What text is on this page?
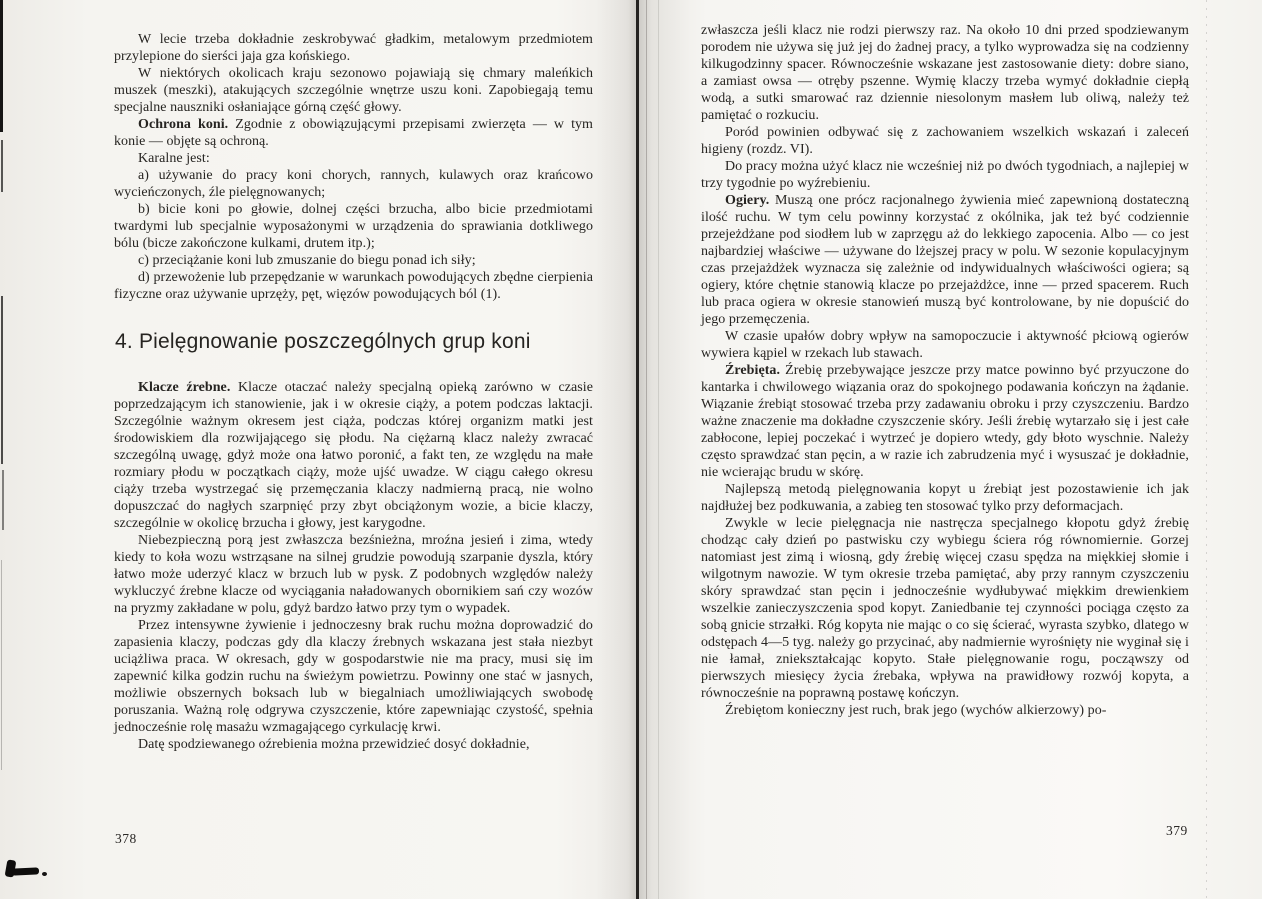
W lecie trzeba dokładnie zeskrobywać gładkim, metalowym przedmiotem przylepione do sierści jaja gza końskiego.

W niektórych okolicach kraju sezonowo pojawiają się chmary maleńkich muszek (meszki), atakujących szczególnie wnętrze uszu koni. Zapobiegają temu specjalne nauszniki osłaniające górną część głowy.

Ochrona koni. Zgodnie z obowiązującymi przepisami zwierzęta — w tym konie — objęte są ochroną.

Karalne jest:

a) używanie do pracy koni chorych, rannych, kulawych oraz krańcowo wycieńczonych, źle pielęgnowanych;

b) bicie koni po głowie, dolnej części brzucha, albo bicie przedmiotami twardymi lub specjalnie wyposażonymi w urządzenia do sprawiania dotkliwego bólu (bicze zakończone kulkami, drutem itp.);

c) przeciążanie koni lub zmuszanie do biegu ponad ich siły;

d) przewożenie lub przepędzanie w warunkach powodujących zbędne cierpienia fizyczne oraz używanie uprzęży, pęt, więzów powodujących ból (1).

4. Pielęgnowanie poszczególnych grup koni

Klacze źrebne. Klacze otaczać należy specjalną opieką zarówno w czasie poprzedzającym ich stanowienie, jak i w okresie ciąży, a potem podczas laktacji. Szczególnie ważnym okresem jest ciąża, podczas której organizm matki jest środowiskiem dla rozwijającego się płodu. Na ciężarną klacz należy zwracać szczególną uwagę, gdyż może ona łatwo poronić, a fakt ten, ze względu na małe rozmiary płodu w początkach ciąży, może ujść uwadze. W ciągu całego okresu ciąży trzeba wystrzegać się przemęczania klaczy nadmierną pracą, nie wolno dopuszczać do nagłych szarpnięć przy zbyt obciążonym wozie, a bicie klaczy, szczególnie w okolicę brzucha i głowy, jest karygodne.

Niebezpieczną porą jest zwłaszcza bezśnieżna, mroźna jesień i zima, wtedy kiedy to koła wozu wstrząsane na silnej grudzie powodują szarpanie dyszla, który łatwo może uderzyć klacz w brzuch lub w pysk. Z podobnych względów należy wykluczyć źrebne klacze od wyciągania naładowanych obornikiem sań czy wozów na pryzmy zakładane w polu, gdyż bardzo łatwo przy tym o wypadek.

Przez intensywne żywienie i jednoczesny brak ruchu można doprowadzić do zapasienia klaczy, podczas gdy dla klaczy źrebnych wskazana jest stała niezbyt uciążliwa praca. W okresach, gdy w gospodarstwie nie ma pracy, musi się im zapewnić kilka godzin ruchu na świeżym powietrzu. Powinny one stać w jasnych, możliwie obszernych boksach lub w biegalniach umożliwiających swobodę poruszania. Ważną rolę odgrywa czyszczenie, które zapewniając czystość, spełnia jednocześnie rolę masażu wzmagającego cyrkulację krwi.

Datę spodziewanego oźrebienia można przewidzieć dosyć dokładnie,

378

zwłaszcza jeśli klacz nie rodzi pierwszy raz. Na około 10 dni przed spodziewanym porodem nie używa się już jej do żadnej pracy, a tylko wyprowadza się na codzienny kilkugodzinny spacer. Równocześnie wskazane jest zastosowanie diety: dobre siano, a zamiast owsa — otręby pszenne. Wymię klaczy trzeba wymyć dokładnie ciepłą wodą, a sutki smarować raz dziennie niesolonym masłem lub oliwą, należy też pamiętać o rozkuciu.

Poród powinien odbywać się z zachowaniem wszelkich wskazań i zaleceń higieny (rozdz. VI).

Do pracy można użyć klacz nie wcześniej niż po dwóch tygodniach, a najlepiej w trzy tygodnie po wyźrebieniu.

Ogiery. Muszą one prócz racjonalnego żywienia mieć zapewnioną dostateczną ilość ruchu. W tym celu powinny korzystać z okólnika, jak też być codziennie przejeżdżane pod siodłem lub w zaprzęgu aż do lekkiego zapocenia. Albo — co jest najbardziej właściwe — używane do lżejszej pracy w polu. W sezonie kopulacyjnym czas przejażdżek wyznacza się zależnie od indywidualnych właściwości ogiera; są ogiery, które chętnie stanowią klacze po przejażdżce, inne — przed spacerem. Ruch lub praca ogiera w okresie stanowień muszą być kontrolowane, by nie dopuścić do jego przemęczenia.

W czasie upałów dobry wpływ na samopoczucie i aktywność płciową ogierów wywiera kąpiel w rzekach lub stawach.

Źrebięta. Źrebię przebywające jeszcze przy matce powinno być przyuczone do kantarka i chwilowego wiązania oraz do spokojnego podawania kończyn na żądanie. Wiązanie źrebiąt stosować trzeba przy zadawaniu obroku i przy czyszczeniu. Bardzo ważne znaczenie ma dokładne czyszczenie skóry. Jeśli źrebię wytarzało się i jest całe zabłocone, lepiej poczekać i wytrzeć je dopiero wtedy, gdy błoto wyschnie. Należy często sprawdzać stan pęcin, a w razie ich zabrudzenia myć i wysuszać je dokładnie, nie wcierając brudu w skórę.

Najlepszą metodą pielęgnowania kopyt u źrebiąt jest pozostawienie ich jak najdłużej bez podkuwania, a zabieg ten stosować tylko przy deformacjach.

Zwykle w lecie pielęgnacja nie nastręcza specjalnego kłopotu gdyż źrebię chodząc cały dzień po pastwisku czy wybiegu ściera róg równomiernie. Gorzej natomiast jest zimą i wiosną, gdy źrebię więcej czasu spędza na miękkiej słomie i wilgotnym nawozie. W tym okresie trzeba pamiętać, aby przy rannym czyszczeniu skóry sprawdzać stan pęcin i jednocześnie wydłubywać miękkim drewienkiem wszelkie zanieczyszczenia spod kopyt. Zaniedbanie tej czynności pociąga często za sobą gnicie strzałki. Róg kopyta nie mając o co się ścierać, wyrasta szybko, dlatego w odstępach 4—5 tyg. należy go przycinać, aby nadmiernie wyrośnięty nie wyginał się i nie łamał, zniekształcając kopyto. Stałe pielęgnowanie rogu, począwszy od pierwszych miesięcy życia źrebaka, wpływa na prawidłowy rozwój kopyta, a równocześnie na poprawną postawę kończyn.

Źrebiętom konieczny jest ruch, brak jego (wychów alkierzowy) po-

379
